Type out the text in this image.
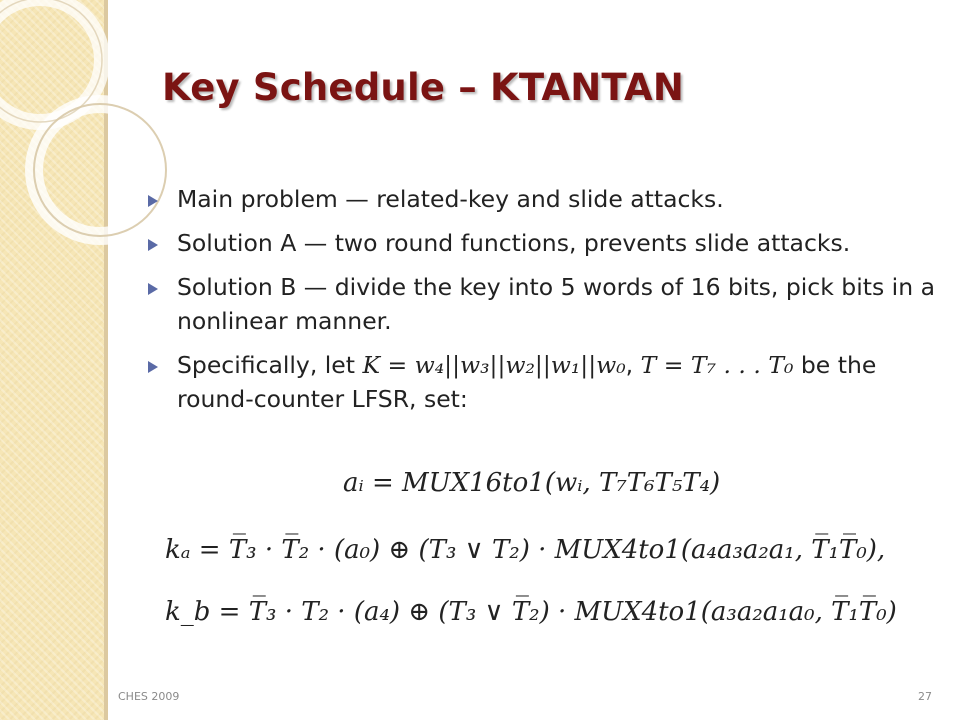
Key Schedule – KTANTAN
Main problem — related-key and slide attacks.
Solution A — two round functions, prevents slide attacks.
Solution B — divide the key into 5 words of 16 bits, pick bits in a nonlinear manner.
Specifically, let K = w₄||w₃||w₂||w₁||w₀, T = T₇ . . . T₀ be the round-counter LFSR, set:
aᵢ = MUX16to1(wᵢ, T₇T₆T₅T₄)
kₐ = T̅₃ · T̅₂ · (a₀) ⊕ (T₃ ∨ T₂) · MUX4to1(a₄a₃a₂a₁, T̅₁T̅₀),
k_b = T̅₃ · T₂ · (a₄) ⊕ (T₃ ∨ T̅₂) · MUX4to1(a₃a₂a₁a₀, T̅₁T̅₀)
CHES 2009	27
